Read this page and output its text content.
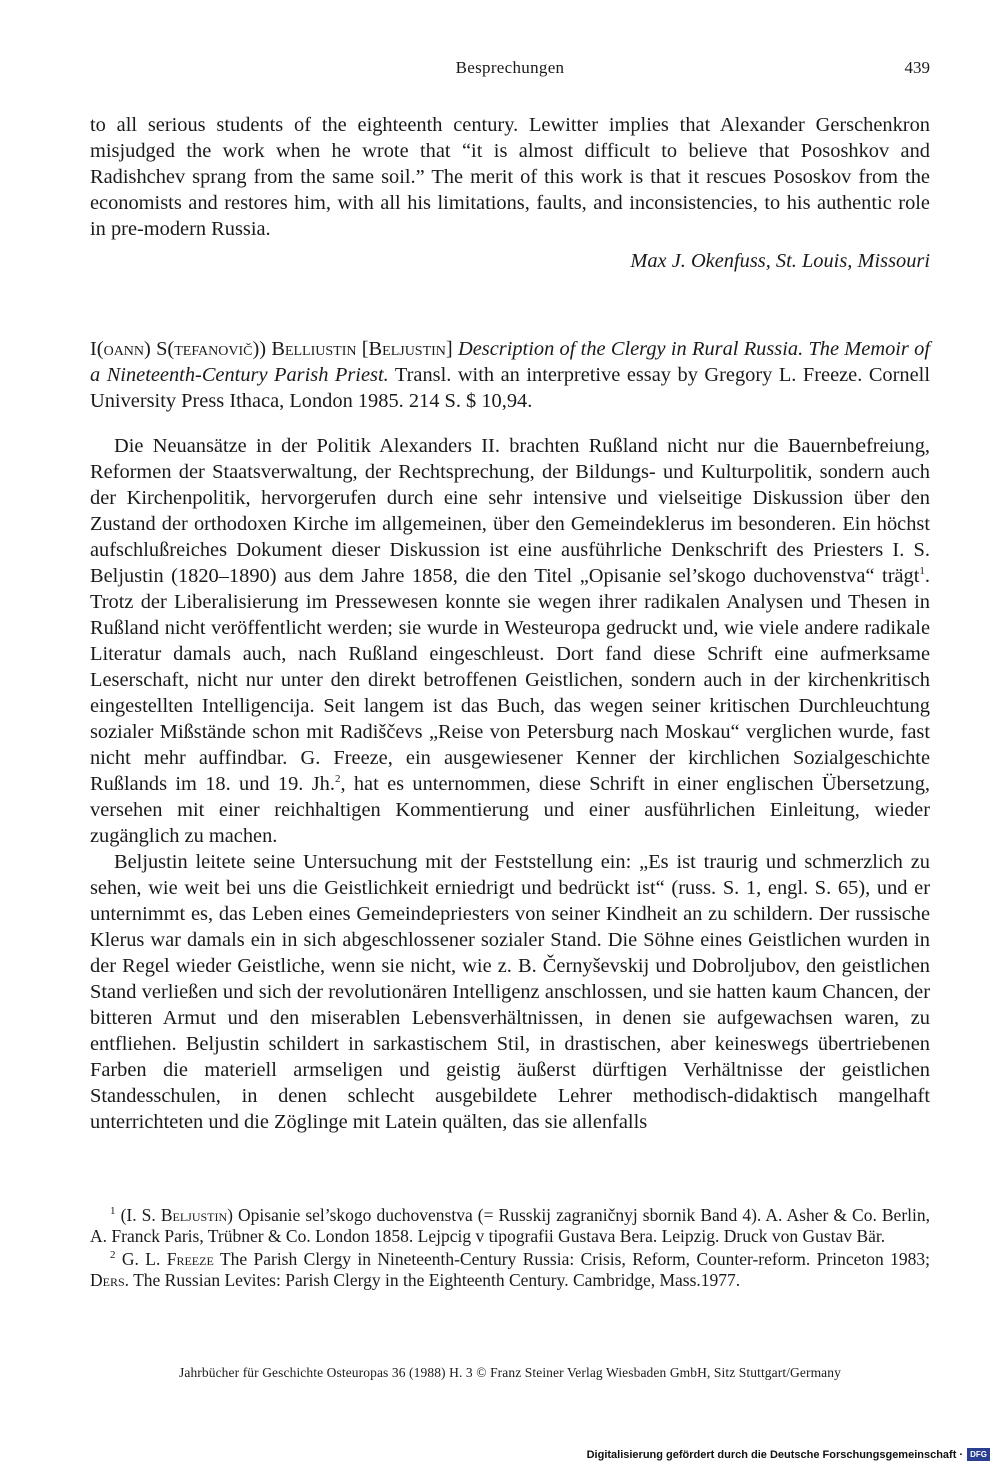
Besprechungen	439

to all serious students of the eighteenth century. Lewitter implies that Alexander Gerschenkron misjudged the work when he wrote that “it is almost difficult to believe that Pososhkov and Radishchev sprang from the same soil.” The merit of this work is that it rescues Pososkov from the economists and restores him, with all his limitations, faults, and inconsistencies, to his authentic role in pre-modern Russia.

Max J. Okenfuss, St. Louis, Missouri

I(oann) S(tefanovič)) Belliustin [Beljustin] Description of the Clergy in Rural Russia. The Memoir of a Nineteenth-Century Parish Priest. Transl. with an interpretive essay by Gregory L. Freeze. Cornell University Press Ithaca, London 1985. 214 S. $ 10,94.

Die Neuansätze in der Politik Alexanders II. brachten Rußland nicht nur die Bauernbefreiung, Reformen der Staatsverwaltung, der Rechtsprechung, der Bildungs- und Kulturpolitik, sondern auch der Kirchenpolitik, hervorgerufen durch eine sehr intensive und vielseitige Diskussion über den Zustand der orthodoxen Kirche im allgemeinen, über den Gemeindeklerus im besonderen. Ein höchst aufschlußreiches Dokument dieser Diskussion ist eine ausführliche Denkschrift des Priesters I. S. Beljustin (1820–1890) aus dem Jahre 1858, die den Titel „Opisanie sel’skogo duchovenstva“ trägt$^1$. Trotz der Liberalisierung im Pressewesen konnte sie wegen ihrer radikalen Analysen und Thesen in Rußland nicht veröffentlicht werden; sie wurde in Westeuropa gedruckt und, wie viele andere radikale Literatur damals auch, nach Rußland eingeschleust. Dort fand diese Schrift eine aufmerksame Leserschaft, nicht nur unter den direkt betroffenen Geistlichen, sondern auch in der kirchenkritisch eingestellten Intelligencija. Seit langem ist das Buch, das wegen seiner kritischen Durchleuchtung sozialer Mißstände schon mit Radiščevs „Reise von Petersburg nach Moskau“ verglichen wurde, fast nicht mehr auffindbar. G. Freeze, ein ausgewiesener Kenner der kirchlichen Sozialgeschichte Rußlands im 18. und 19. Jh.$^2$, hat es unternommen, diese Schrift in einer englischen Übersetzung, versehen mit einer reichhaltigen Kommentierung und einer ausführlichen Einleitung, wieder zugänglich zu machen.

Beljustin leitete seine Untersuchung mit der Feststellung ein: „Es ist traurig und schmerzlich zu sehen, wie weit bei uns die Geistlichkeit erniedrigt und bedrückt ist“ (russ. S. 1, engl. S. 65), und er unternimmt es, das Leben eines Gemeindepriesters von seiner Kindheit an zu schildern. Der russische Klerus war damals ein in sich abgeschlossener sozialer Stand. Die Söhne eines Geistlichen wurden in der Regel wieder Geistliche, wenn sie nicht, wie z. B. Černyševskij und Dobroljubov, den geistlichen Stand verließen und sich der revolutionären Intelligenz anschlossen, und sie hatten kaum Chancen, der bitteren Armut und den miserablen Lebensverhältnissen, in denen sie aufgewachsen waren, zu entfliehen. Beljustin schildert in sarkastischem Stil, in drastischen, aber keineswegs übertriebenen Farben die materiell armseligen und geistig äußerst dürftigen Verhältnisse der geistlichen Standesschulen, in denen schlecht ausgebildete Lehrer methodisch-didaktisch mangelhaft unterrichteten und die Zöglinge mit Latein quälten, das sie allenfalls

$^1$ (I. S. Beljustin) Opisanie sel’skogo duchovenstva (= Russkij zagraničnyj sbornik Band 4). A. Asher & Co. Berlin, A. Franck Paris, Trübner & Co. London 1858. Lejpcig v tipografii Gustava Bera. Leipzig. Druck von Gustav Bär.

$^2$ G. L. Freeze The Parish Clergy in Nineteenth-Century Russia: Crisis, Reform, Counter-reform. Princeton 1983; Ders. The Russian Levites: Parish Clergy in the Eighteenth Century. Cambridge, Mass.1977.

Jahrbücher für Geschichte Osteuropas 36 (1988) H. 3 © Franz Steiner Verlag Wiesbaden GmbH, Sitz Stuttgart/Germany
Digitalisierung gefördert durch die Deutsche Forschungsgemeinschaft · DFG
